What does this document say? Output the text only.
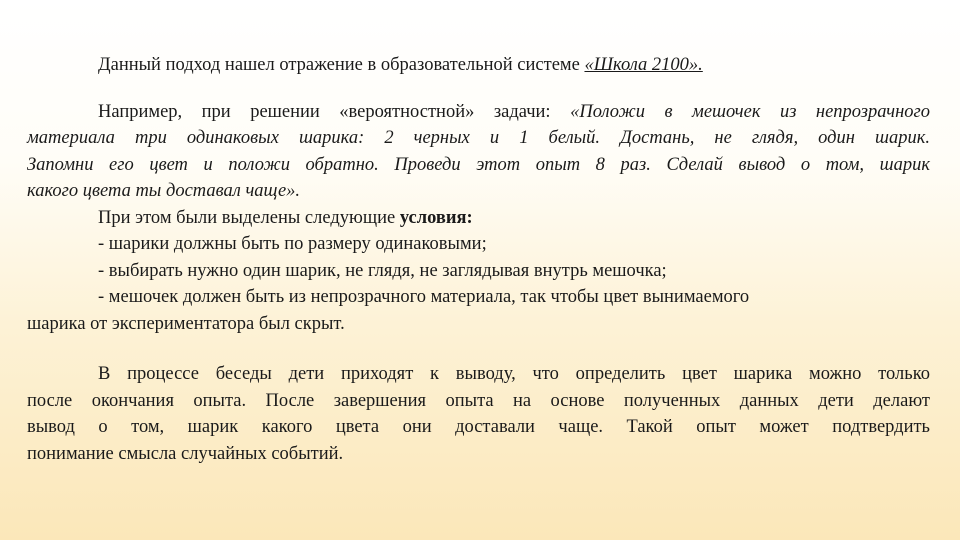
Данный подход нашел отражение в образовательной системе «Школа 2100».
Например, при решении «вероятностной» задачи: «Положи в мешочек из непрозрачного
материала три одинаковых шарика: 2 черных и 1 белый. Достань, не глядя, один шарик.
Запомни его цвет и положи обратно. Проведи этот опыт 8 раз. Сделай вывод о том, шарик
какого цвета ты доставал чаще».
При этом были выделены следующие условия:
- шарики должны быть по размеру одинаковыми;
- выбирать нужно один шарик, не глядя, не заглядывая внутрь мешочка;
- мешочек должен быть из непрозрачного материала, так чтобы цвет вынимаемого
шарика от экспериментатора был скрыт.
В процессе беседы дети приходят к выводу, что определить цвет шарика можно только
после окончания опыта. После завершения опыта на основе полученных данных дети делают
вывод о том, шарик какого цвета они доставали чаще. Такой опыт может подтвердить
понимание смысла случайных событий.
